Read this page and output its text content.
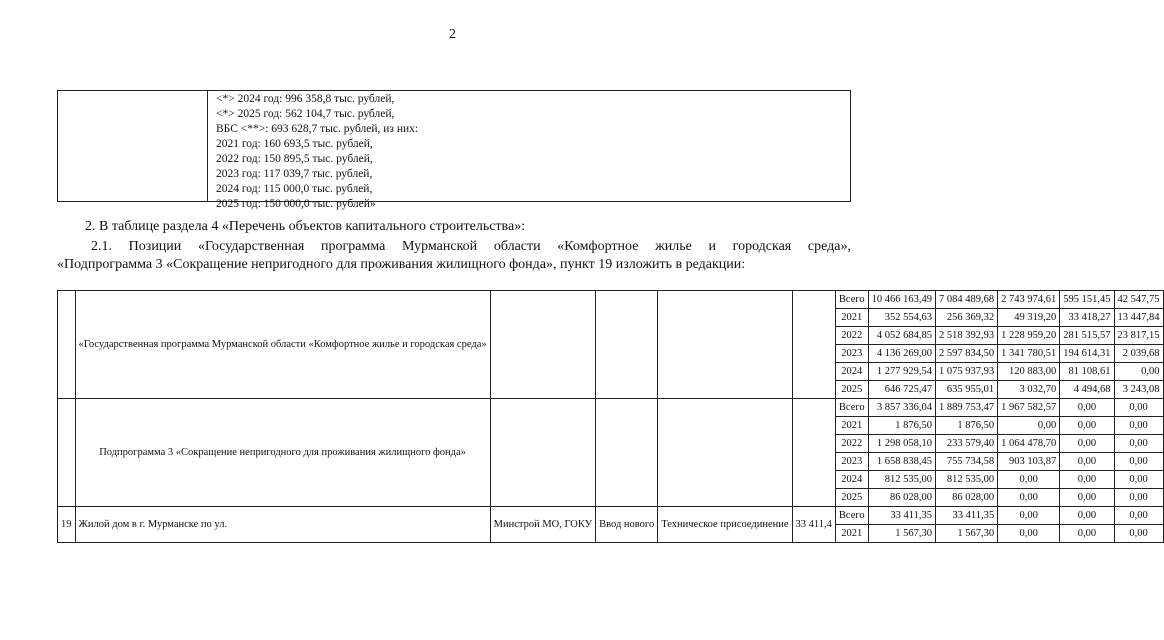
2
<*> 2024 год: 996 358,8 тыс. рублей,
<*> 2025 год: 562 104,7 тыс. рублей,
ВБС <**>: 693 628,7 тыс. рублей, из них:
2021 год: 160 693,5 тыс. рублей,
2022 год: 150 895,5 тыс. рублей,
2023 год: 117 039,7 тыс. рублей,
2024 год: 115 000,0 тыс. рублей,
2025 год: 150 000,0 тыс. рублей»
2. В таблице раздела 4 «Перечень объектов капитального строительства»:
2.1. Позиции «Государственная программа Мурманской области «Комфортное жилье и городская среда»,
«Подпрограмма 3 «Сокращение непригодного для проживания жилищного фонда», пункт 19 изложить в редакции:
	«Государственная программа Мурманской области «Комфортное жилье и городская среда»					Всего	10 466 163,49	7 084 489,68	2 743 974,61	595 151,45	42 547,75
						2021	352 554,63	256 369,32	49 319,20	33 418,27	13 447,84
						2022	4 052 684,85	2 518 392,93	1 228 959,20	281 515,57	23 817,15
						2023	4 136 269,00	2 597 834,50	1 341 780,51	194 614,31	2 039,68
						2024	1 277 929,54	1 075 937,93	120 883,00	81 108,61	0,00
						2025	646 725,47	635 955,01	3 032,70	4 494,68	3 243,08
	Подпрограмма 3 «Сокращение непригодного для проживания жилищного фонда»					Всего	3 857 336,04	1 889 753,47	1 967 582,57	0,00	0,00
						2021	1 876,50	1 876,50	0,00	0,00	0,00
						2022	1 298 058,10	233 579,40	1 064 478,70	0,00	0,00
						2023	1 658 838,45	755 734,58	903 103,87	0,00	0,00
						2024	812 535,00	812 535,00	0,00	0,00	0,00
						2025	86 028,00	86 028,00	0,00	0,00	0,00
19	Жилой дом в г. Мурманске по ул.	Минстрой МО, ГОКУ	Ввод нового	Техническое присоединение	33 411,4	Всего	33 411,35	33 411,35	0,00	0,00	0,00
						2021	1 567,30	1 567,30	0,00	0,00	0,00
